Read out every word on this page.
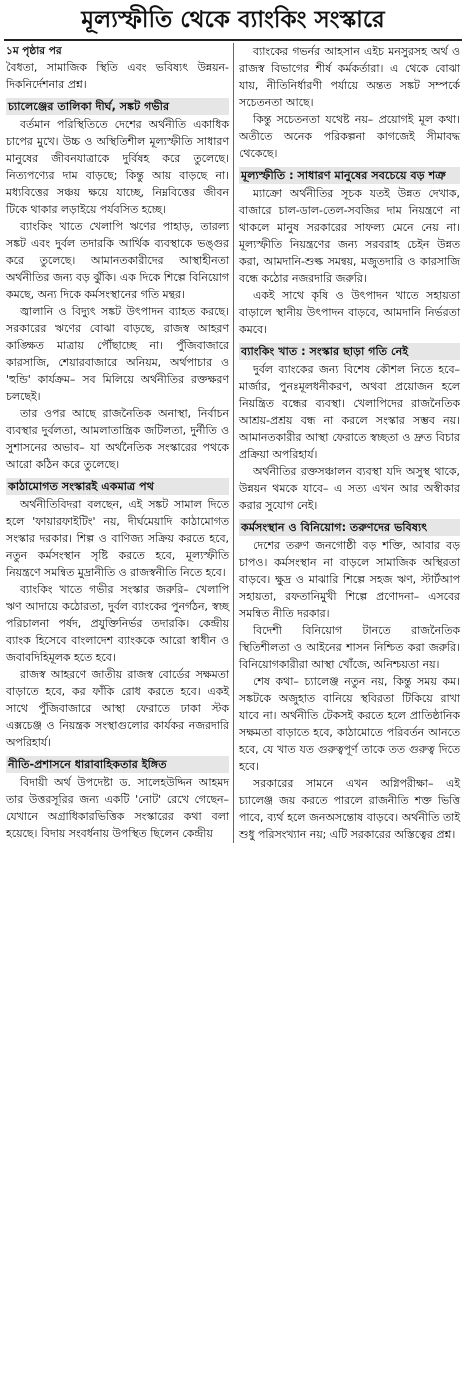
মূল্যস্ফীতি থেকে ব্যাংকিং সংস্কারে
১ম পৃষ্ঠার পর

বৈধতা, সামাজিক স্থিতি এবং ভবিষ্যৎ উন্নয়ন-দিকনির্দেশনার প্রশ্ন।

চ্যালেঞ্জের তালিকা দীর্ঘ, সঙ্কট গভীর

বর্তমান পরিস্থিতিতে দেশের অর্থনীতি একাধিক চাপের মুখে। উচ্চ ও অস্থিতিশীল মূল্যস্ফীতি সাধারণ মানুষের জীবনযাত্রাকে দুর্বিষহ করে তুলেছে। নিত্যপণ্যের দাম বাড়ছে; কিন্তু আয় বাড়ছে না। মধ্যবিত্তের সঞ্চয় ক্ষয়ে যাচ্ছে, নিম্নবিত্তের জীবন টিকে থাকার লড়াইয়ে পর্যবসিত হচ্ছে।

ব্যাংকিং খাতে খেলাপি ঋণের পাহাড়, তারল্য সঙ্কট এবং দুর্বল তদারকি আর্থিক ব্যবস্থাকে ভঙ্গুর করে তুলেছে। আমানতকারীদের আস্থাহীনতা অর্থনীতির জন্য বড় ঝুঁকি। এক দিকে শিল্পে বিনিয়োগ কমছে, অন্য দিকে কর্মসংস্থানের গতি মন্থর।

জ্বালানি ও বিদ্যুৎ সঙ্কট উৎপাদন ব্যাহত করছে। সরকারের ঋণের বোঝা বাড়ছে, রাজস্ব আহরণ কাঙ্ক্ষিত মাত্রায় পৌঁছাচ্ছে না। পুঁজিবাজারে কারসাজি, শেয়ারবাজারে অনিয়ম, অর্থপাচার ও 'হুন্ডি' কার্যক্রম– সব মিলিয়ে অর্থনীতির রক্তক্ষরণ চলছেই।

তার ওপর আছে রাজনৈতিক অনাস্থা, নির্বাচন ব্যবস্থার দুর্বলতা, আমলাতান্ত্রিক জটিলতা, দুর্নীতি ও সুশাসনের অভাব– যা অর্থনৈতিক সংস্কারের পথকে আরো কঠিন করে তুলেছে।

কাঠামোগত সংস্কারই একমাত্র পথ

অর্থনীতিবিদরা বলছেন, এই সঙ্কট সামাল দিতে হলে 'ফায়ারফাইটিং' নয়, দীর্ঘমেয়াদি কাঠামোগত সংস্কার দরকার। শিল্প ও বাণিজ্য সক্রিয় করতে হবে, নতুন কর্মসংস্থান সৃষ্টি করতে হবে, মূল্যস্ফীতি নিয়ন্ত্রণে সমন্বিত মুদ্রানীতি ও রাজস্বনীতি নিতে হবে।

ব্যাংকিং খাতে গভীর সংস্কার জরুরি– খেলাপি ঋণ আদায়ে কঠোরতা, দুর্বল ব্যাংকের পুনর্গঠন, স্বচ্ছ পরিচালনা পর্ষদ, প্রযুক্তিনির্ভর তদারকি। কেন্দ্রীয় ব্যাংক হিসেবে বাংলাদেশ ব্যাংককে আরো স্বাধীন ও জবাবদিহিমূলক হতে হবে।

রাজস্ব আহরণে জাতীয় রাজস্ব বোর্ডের সক্ষমতা বাড়াতে হবে, কর ফাঁকি রোধ করতে হবে। একই সাথে পুঁজিবাজারে আস্থা ফেরাতে ঢাকা স্টক এক্সচেঞ্জ ও নিয়ন্ত্রক সংস্থাগুলোর কার্যকর নজরদারি অপরিহার্য।

নীতি-প্রশাসনে ধারাবাহিকতার ইঙ্গিত

বিদায়ী অর্থ উপদেষ্টা ড. সালেহউদ্দিন আহমদ তার উত্তরসূরির জন্য একটি 'নোট' রেখে গেছেন– যেখানে অগ্রাধিকারভিত্তিক সংস্কারের কথা বলা হয়েছে। বিদায় সংবর্ধনায় উপস্থিত ছিলেন কেন্দ্রীয়

ব্যাংকের গভর্নর আহসান এইচ মনসুরসহ অর্থ ও রাজস্ব বিভাগের শীর্ষ কর্মকর্তারা। এ থেকে বোঝা যায়, নীতিনির্ধারণী পর্যায়ে অন্তত সঙ্কট সম্পর্কে সচেতনতা আছে।

কিন্তু সচেতনতা যথেষ্ট নয়– প্রয়োগই মূল কথা। অতীতে অনেক পরিকল্পনা কাগজেই সীমাবদ্ধ থেকেছে।

মূল্যস্ফীতি : সাধারণ মানুষের সবচেয়ে বড় শত্রু

ম্যাক্রো অর্থনীতির সূচক যতই উন্নত দেখাক, বাজারে চাল-ডাল-তেল-সবজির দাম নিয়ন্ত্রণে না থাকলে মানুষ সরকারের সাফল্য মেনে নেয় না। মূল্যস্ফীতি নিয়ন্ত্রণের জন্য সরবরাহ চেইন উন্নত করা, আমদানি-শুল্ক সমন্বয়, মজুতদারি ও কারসাজি বন্ধে কঠোর নজরদারি জরুরি।

একই সাথে কৃষি ও উৎপাদন খাতে সহায়তা বাড়ালে স্থানীয় উৎপাদন বাড়বে, আমদানি নির্ভরতা কমবে।

ব্যাংকিং খাত : সংস্কার ছাড়া গতি নেই

দুর্বল ব্যাংকের জন্য বিশেষ কৌশল নিতে হবে– মার্জার, পুনঃমূলধনীকরণ, অথবা প্রয়োজন হলে নিয়ন্ত্রিত বন্ধের ব্যবস্থা। খেলাপিদের রাজনৈতিক আশ্রয়-প্রশ্রয় বন্ধ না করলে সংস্কার সম্ভব নয়। আমানতকারীর আস্থা ফেরাতে স্বচ্ছতা ও দ্রুত বিচার প্রক্রিয়া অপরিহার্য।

অর্থনীতির রক্তসঞ্চালন ব্যবস্থা যদি অসুস্থ থাকে, উন্নয়ন থমকে যাবে– এ সত্য এখন আর অস্বীকার করার সুযোগ নেই।

কর্মসংস্থান ও বিনিয়োগ: তরুণদের ভবিষ্যৎ

দেশের তরুণ জনগোষ্ঠী বড় শক্তি, আবার বড় চাপও। কর্মসংস্থান না বাড়লে সামাজিক অস্থিরতা বাড়বে। ক্ষুদ্র ও মাঝারি শিল্পে সহজ ঋণ, স্টার্টআপ সহায়তা, রফতানিমুখী শিল্পে প্রণোদনা– এসবের সমন্বিত নীতি দরকার।

বিদেশী বিনিয়োগ টানতে রাজনৈতিক স্থিতিশীলতা ও আইনের শাসন নিশ্চিত করা জরুরি। বিনিয়োগকারীরা আস্থা খোঁজে, অনিশ্চয়তা নয়।

শেষ কথা– চ্যালেঞ্জ নতুন নয়, কিন্তু সময় কম। সঙ্কটকে অজুহাত বানিয়ে স্থবিরতা টিকিয়ে রাখা যাবে না। অর্থনীতি টেকসই করতে হলে প্রাতিষ্ঠানিক সক্ষমতা বাড়াতে হবে, কাঠামোতে পরিবর্তন আনতে হবে, যে খাত যত গুরুত্বপূর্ণ তাকে তত গুরুত্ব দিতে হবে।

সরকারের সামনে এখন অগ্নিপরীক্ষা– এই চ্যালেঞ্জ জয় করতে পারলে রাজনীতি শক্ত ভিত্তি পাবে, ব্যর্থ হলে জনঅসন্তোষ বাড়বে। অর্থনীতি তাই শুধু পরিসংখ্যান নয়; এটি সরকারের অস্তিত্বের প্রশ্ন।
